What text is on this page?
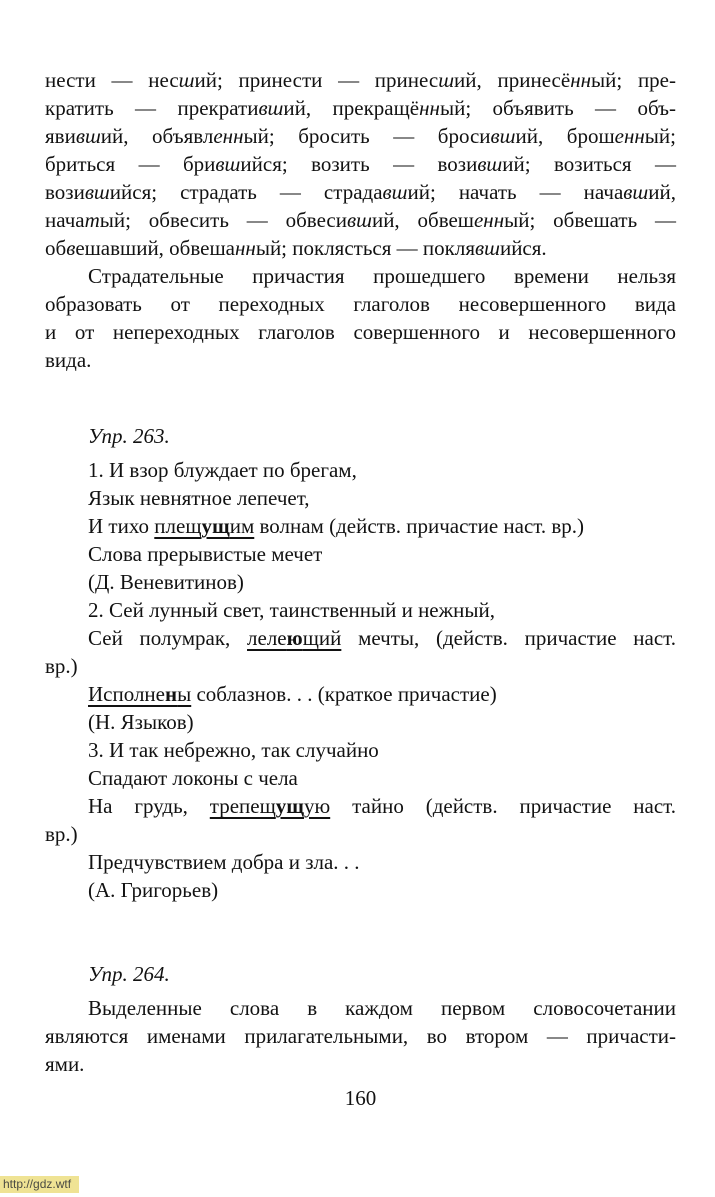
нести — несший; принести — принесший, принесённый; пре-
кратить — прекративший, прекращённый; объявить — объ-
явивший, объявленный; бросить — бросивший, брошенный;
бриться — брившийся; возить — возивший; возиться —
возившийся; страдать — страдавший; начать — начавший,
начатый; обвесить — обвесивший, обвешенный; обвешать —
обвешавший, обвешанный; поклясться — поклявшийся.
Страдательные причастия прошедшего времени нельзя
образовать от переходных глаголов несовершенного вида
и от непереходных глаголов совершенного и несовершенного
вида.
Упр. 263.
1. И взор блуждает по брегам,
Язык невнятное лепечет,
И тихо плещущим волнам (действ. причастие наст. вр.)
Слова прерывистые мечет
(Д. Веневитинов)
2. Сей лунный свет, таинственный и нежный,
Сей полумрак, лелеющий мечты, (действ. причастие наст.
вр.)
Исполнены соблазнов. . . (краткое причастие)
(Н. Языков)
3. И так небрежно, так случайно
Спадают локоны с чела
На грудь, трепещущую тайно (действ. причастие наст.
вр.)
Предчувствием добра и зла. . .
(А. Григорьев)
Упр. 264.
Выделенные слова в каждом первом словосочетании
являются именами прилагательными, во втором — причасти-
ями.
160
http://gdz.wtf
